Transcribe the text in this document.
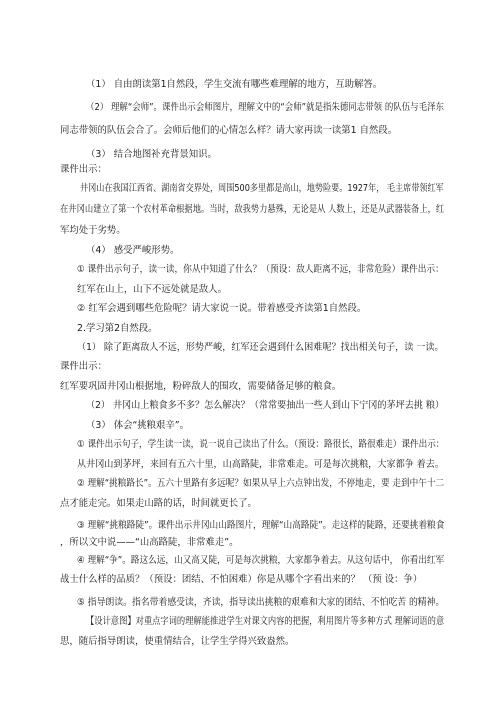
（1） 自由朗读第1自然段，学生交流有哪些难理解的地方，互助解答。
（2） 理解“会师”。课件出示会师图片，理解文中的“会师”就是指朱德同志带领 的队伍与毛泽东
同志带领的队伍会合了。会师后他们的心情怎么样？请大家再读一读第1 自然段。
（3） 结合地图补充背景知识。
课件出示：
井冈山在我国江西省、湖南省交界处，周围500多里都是高山，地势险要。1927年， 毛主席带领红军
在井冈山建立了第一个农村革命根据地。当时，敌我势力悬殊，无论是从 人数上，还是从武器装备上，红
军均处于劣势。
（4） 感受严峻形势。
① 课件出示句子，读一读，你从中知道了什么？（预设：敌人距离不远，非常危险）课件出示：
红军在山上，山下不远处就是敌人。
② 红军会遇到哪些危险呢？请大家说一说。带着感受齐读第1自然段。
2.学习第2自然段。
（1） 除了距离敌人不远，形势严峻，红军还会遇到什么困难呢？找出相关句子，读 一读。
课件出示：
红军要巩固井冈山根据地，粉碎敌人的围攻，需要储备足够的粮食。
（2） 井冈山上粮食多不多？怎么解决？（常常要抽出一些人到山下宁冈的茅坪去挑 粮）
（3） 体会“挑粮艰辛”。
① 课件出示句子，学生读一读，说一说自己读出了什么。（预设：路很长，路很难走）课件出示：
从井冈山到茅坪，来回有五六十里，山高路陡，非常难走。可是每次挑粮，大家都争 着去。
② 理解“挑粮路长”。五六十里路有多远呢？如果从早上六点钟出发，不停地走，要 走到中午十二
点才能走完。如果走山路的话，时间就更长了。
③ 理解“挑粮路陡”。课件出示井冈山山路图片，理解“山高路陡”。走这样的陡路，还要挑着粮食
，所以文中说——“山高路陡，非常难走”。
④ 理解“争”。路这么远，山又高又陡，可是每次挑粮，大家都争着去。从这句话中， 你看出红军
战士什么样的品质？（预设：团结、不怕困难）你是从哪个字看出来的？ （预 设：争）
⑤ 指导朗读。指名带着感受读，齐读，指导读出挑粮的艰难和大家的团结、不怕吃苦 的精神。
【设计意图】对重点字词的理解能推进学生对课文内容的把握，利用图片等多种方式 理解词语的意
思，随后指导朗读，使重情结合，让学生学得兴致盎然。
